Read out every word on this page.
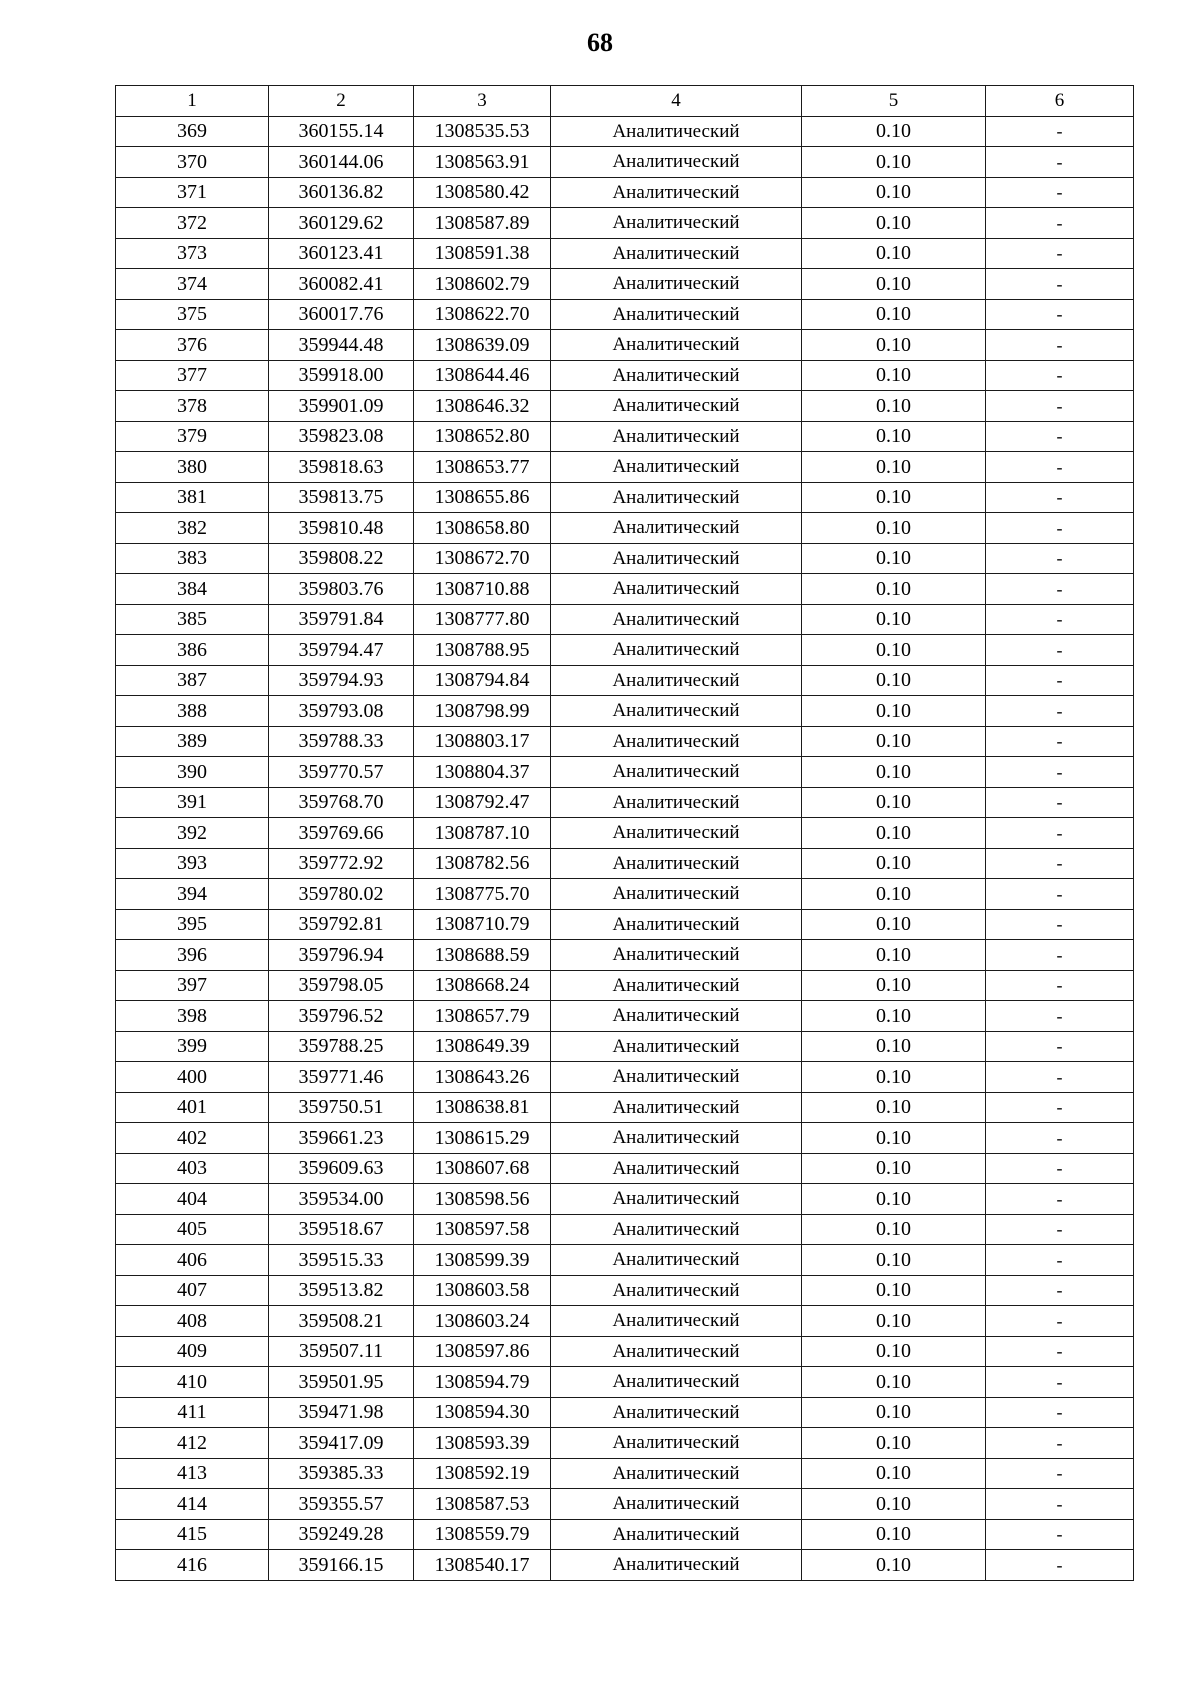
68
1	2	3	4	5	6
369	360155.14	1308535.53	Аналитический	0.10	-
370	360144.06	1308563.91	Аналитический	0.10	-
371	360136.82	1308580.42	Аналитический	0.10	-
372	360129.62	1308587.89	Аналитический	0.10	-
373	360123.41	1308591.38	Аналитический	0.10	-
374	360082.41	1308602.79	Аналитический	0.10	-
375	360017.76	1308622.70	Аналитический	0.10	-
376	359944.48	1308639.09	Аналитический	0.10	-
377	359918.00	1308644.46	Аналитический	0.10	-
378	359901.09	1308646.32	Аналитический	0.10	-
379	359823.08	1308652.80	Аналитический	0.10	-
380	359818.63	1308653.77	Аналитический	0.10	-
381	359813.75	1308655.86	Аналитический	0.10	-
382	359810.48	1308658.80	Аналитический	0.10	-
383	359808.22	1308672.70	Аналитический	0.10	-
384	359803.76	1308710.88	Аналитический	0.10	-
385	359791.84	1308777.80	Аналитический	0.10	-
386	359794.47	1308788.95	Аналитический	0.10	-
387	359794.93	1308794.84	Аналитический	0.10	-
388	359793.08	1308798.99	Аналитический	0.10	-
389	359788.33	1308803.17	Аналитический	0.10	-
390	359770.57	1308804.37	Аналитический	0.10	-
391	359768.70	1308792.47	Аналитический	0.10	-
392	359769.66	1308787.10	Аналитический	0.10	-
393	359772.92	1308782.56	Аналитический	0.10	-
394	359780.02	1308775.70	Аналитический	0.10	-
395	359792.81	1308710.79	Аналитический	0.10	-
396	359796.94	1308688.59	Аналитический	0.10	-
397	359798.05	1308668.24	Аналитический	0.10	-
398	359796.52	1308657.79	Аналитический	0.10	-
399	359788.25	1308649.39	Аналитический	0.10	-
400	359771.46	1308643.26	Аналитический	0.10	-
401	359750.51	1308638.81	Аналитический	0.10	-
402	359661.23	1308615.29	Аналитический	0.10	-
403	359609.63	1308607.68	Аналитический	0.10	-
404	359534.00	1308598.56	Аналитический	0.10	-
405	359518.67	1308597.58	Аналитический	0.10	-
406	359515.33	1308599.39	Аналитический	0.10	-
407	359513.82	1308603.58	Аналитический	0.10	-
408	359508.21	1308603.24	Аналитический	0.10	-
409	359507.11	1308597.86	Аналитический	0.10	-
410	359501.95	1308594.79	Аналитический	0.10	-
411	359471.98	1308594.30	Аналитический	0.10	-
412	359417.09	1308593.39	Аналитический	0.10	-
413	359385.33	1308592.19	Аналитический	0.10	-
414	359355.57	1308587.53	Аналитический	0.10	-
415	359249.28	1308559.79	Аналитический	0.10	-
416	359166.15	1308540.17	Аналитический	0.10	-
